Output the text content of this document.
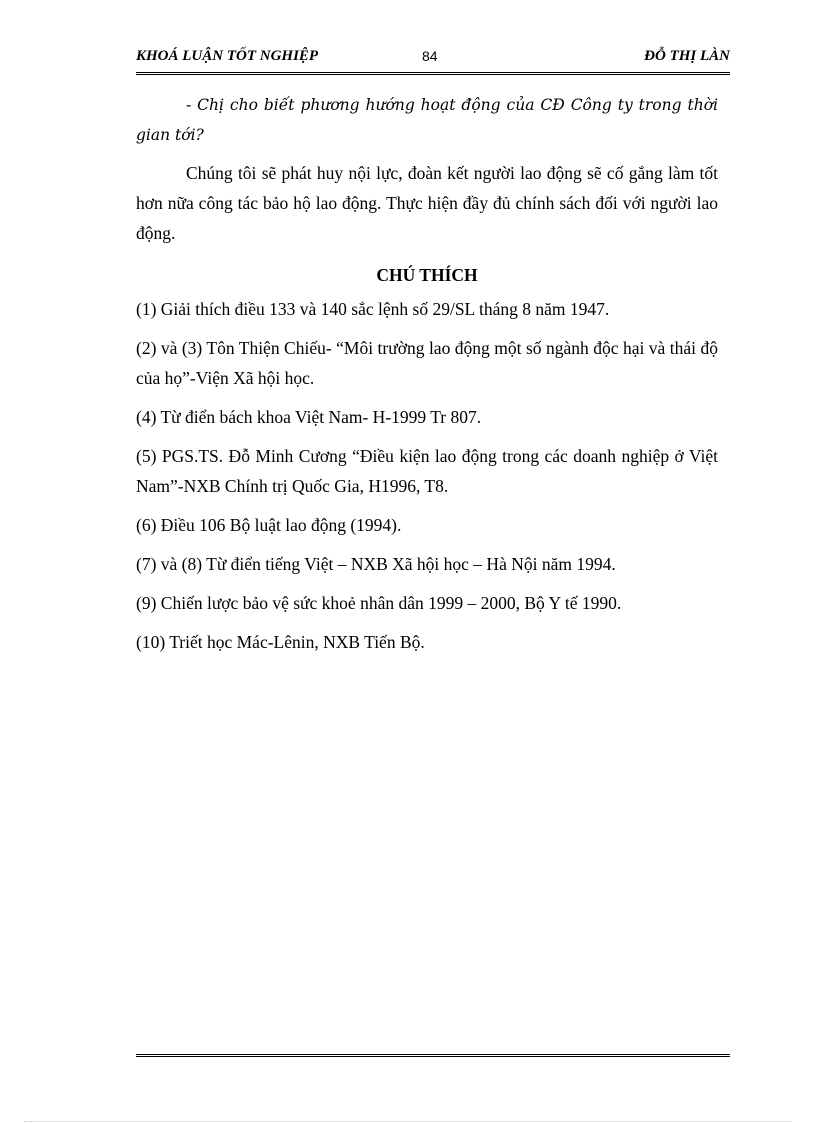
KHOÁ LUẬN TỐT NGHIỆP	84	ĐỖ THỊ LÀN

- Chị cho biết phương hướng hoạt động của CĐ Công ty trong thời gian tới?

Chúng tôi sẽ phát huy nội lực, đoàn kết người lao động sẽ cố gắng làm tốt hơn nữa công tác bảo hộ lao động. Thực hiện đầy đủ chính sách đối với người lao động.

CHÚ THÍCH

(1) Giải thích điều 133 và 140 sắc lệnh số 29/SL tháng 8 năm 1947.

(2) và (3) Tôn Thiện Chiếu- “Môi trường lao động một số ngành độc hại và thái độ của họ”-Viện Xã hội học.

(4) Từ điển bách khoa Việt Nam- H-1999 Tr 807.

(5) PGS.TS. Đỗ Minh Cương “Điều kiện lao động trong các doanh nghiệp ở Việt Nam”-NXB Chính trị Quốc Gia, H1996, T8.

(6) Điều 106 Bộ luật lao động (1994).

(7) và (8) Từ điển tiếng Việt – NXB Xã hội học – Hà Nội năm 1994.

(9) Chiến lược bảo vệ sức khoẻ nhân dân 1999 – 2000, Bộ Y tế 1990.

(10) Triết học Mác-Lênin, NXB Tiến Bộ.
